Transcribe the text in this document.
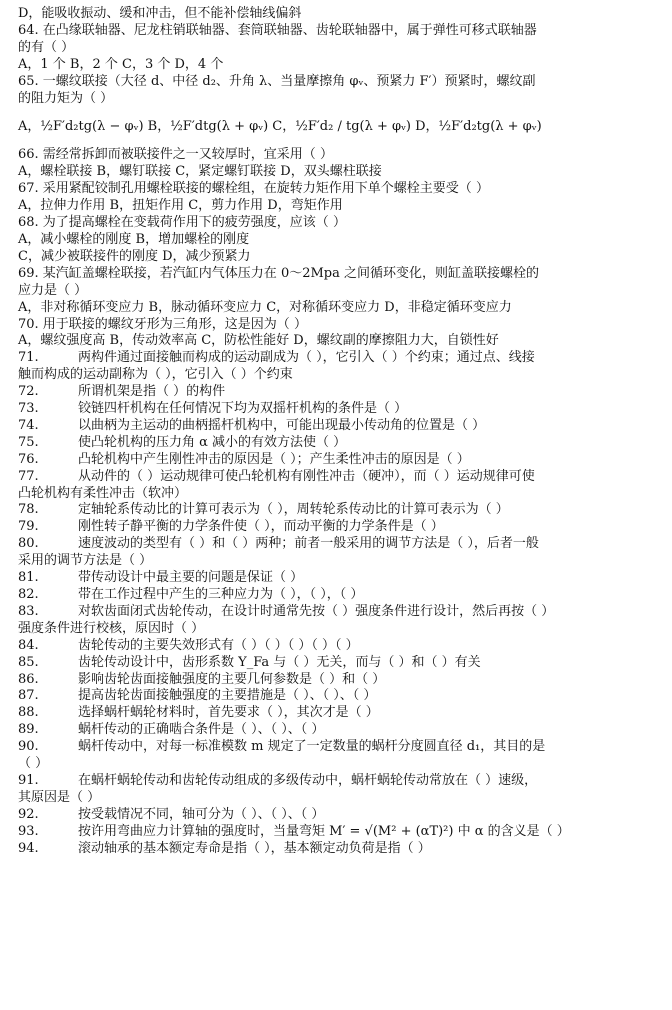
D，能吸收振动、缓和冲击，但不能补偿轴线偏斜
64. 在凸缘联轴器、尼龙柱销联轴器、套筒联轴器、齿轮联轴器中，属于弹性可移式联轴器
的有（ ）
A，1 个 B，2 个 C，3 个 D，4 个
65. 一螺纹联接（大径 d、中径 d₂、升角 λ、当量摩擦角 φᵥ、预紧力 F′）预紧时，螺纹副
的阻力矩为（ ）
A，½F′d₂tg(λ − φᵥ) B，½F′dtg(λ + φᵥ) C，½F′d₂ / tg(λ + φᵥ) D，½F′d₂tg(λ + φᵥ)
66. 需经常拆卸而被联接件之一又较厚时，宜采用（ ）
A，螺栓联接 B，螺钉联接 C，紧定螺钉联接 D，双头螺柱联接
67. 采用紧配铰制孔用螺栓联接的螺栓组，在旋转力矩作用下单个螺栓主要受（ ）
A，拉伸力作用 B，扭矩作用 C，剪力作用 D，弯矩作用
68. 为了提高螺栓在变载荷作用下的疲劳强度，应该（ ）
A，减小螺栓的刚度 B，增加螺栓的刚度
C，减少被联接件的刚度 D，减少预紧力
69. 某汽缸盖螺栓联接，若汽缸内气体压力在 0～2Mpa 之间循环变化，则缸盖联接螺栓的
应力是（ ）
A，非对称循环变应力 B，脉动循环变应力 C，对称循环变应力 D，非稳定循环变应力
70. 用于联接的螺纹牙形为三角形，这是因为（ ）
A，螺纹强度高 B，传动效率高 C，防松性能好 D，螺纹副的摩擦阻力大，自锁性好
71.	两构件通过面接触而构成的运动副成为（ ），它引入（ ）个约束；通过点、线接
触而构成的运动副称为（ ），它引入（ ）个约束
72.	所谓机架是指（ ）的构件
73.	铰链四杆机构在任何情况下均为双摇杆机构的条件是（ ）
74.	以曲柄为主运动的曲柄摇杆机构中，可能出现最小传动角的位置是（ ）
75.	使凸轮机构的压力角 α 减小的有效方法使（ ）
76.	凸轮机构中产生刚性冲击的原因是（ ）；产生柔性冲击的原因是（ ）
77.	从动件的（ ）运动规律可使凸轮机构有刚性冲击（硬冲），而（ ）运动规律可使
凸轮机构有柔性冲击（软冲）
78.	定轴轮系传动比的计算可表示为（ ），周转轮系传动比的计算可表示为（ ）
79.	刚性转子静平衡的力学条件使（ ），而动平衡的力学条件是（ ）
80.	速度波动的类型有（ ）和（ ）两种；前者一般采用的调节方法是（ ），后者一般
采用的调节方法是（ ）
81.	带传动设计中最主要的问题是保证（ ）
82.	带在工作过程中产生的三种应力为（ ），（ ），（ ）
83.	对软齿面闭式齿轮传动，在设计时通常先按（ ）强度条件进行设计，然后再按（ ）
强度条件进行校核，原因时（ ）
84.	齿轮传动的主要失效形式有（ ）（ ）（ ）（ ）（ ）
85.	齿轮传动设计中，齿形系数 Y_Fa 与（ ）无关，而与（ ）和（ ）有关
86.	影响齿轮齿面接触强度的主要几何参数是（ ）和（ ）
87.	提高齿轮齿面接触强度的主要措施是（ ）、（ ）、（ ）
88.	选择蜗杆蜗轮材料时，首先要求（ ），其次才是（ ）
89.	蜗杆传动的正确啮合条件是（ ）、（ ）、（ ）
90.	蜗杆传动中，对每一标准模数 m 规定了一定数量的蜗杆分度圆直径 d₁，其目的是
（ ）
91.	在蜗杆蜗轮传动和齿轮传动组成的多级传动中，蜗杆蜗轮传动常放在（ ）速级，
其原因是（ ）
92.	按受载情况不同，轴可分为（ ）、（ ）、（ ）
93.	按许用弯曲应力计算轴的强度时，当量弯矩 M′ = √(M² + (αT)²) 中 α 的含义是（ ）
94.	滚动轴承的基本额定寿命是指（ ），基本额定动负荷是指（ ）
